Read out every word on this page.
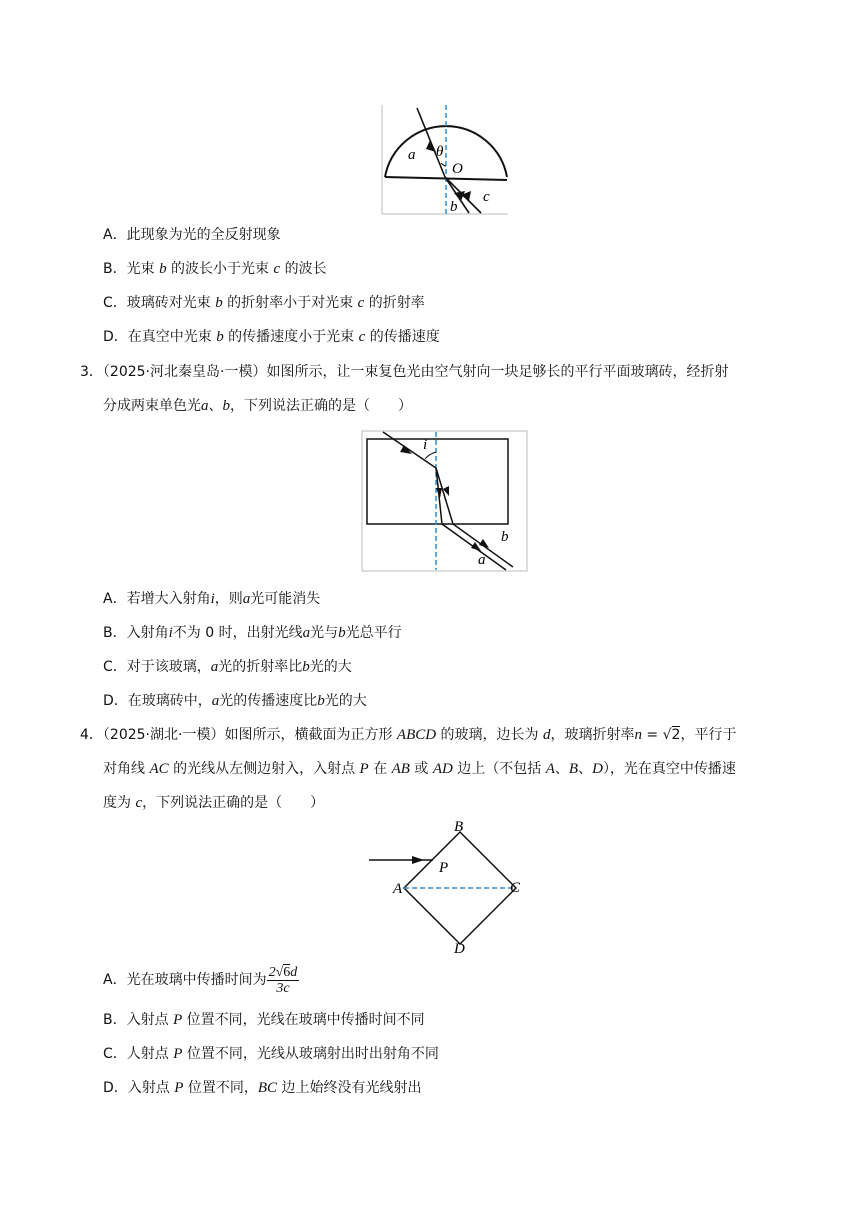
a θ
O
b
c
A．此现象为光的全反射现象
B．光束 b 的波长小于光束 c 的波长
C．玻璃砖对光束 b 的折射率小于对光束 c 的折射率
D．在真空中光束 b 的传播速度小于光束 c 的传播速度
3．（2025·河北秦皇岛·一模）如图所示，让一束复色光由空气射向一块足够长的平行平面玻璃砖，经折射
分成两束单色光a、b，下列说法正确的是（　　）
i
b
a
A．若增大入射角i，则a光可能消失
B．入射角i不为 0 时，出射光线a光与b光总平行
C．对于该玻璃，a光的折射率比b光的大
D．在玻璃砖中，a光的传播速度比b光的大
4．（2025·湖北·一模）如图所示，横截面为正方形 ABCD 的玻璃，边长为 d，玻璃折射率n = √2，平行于
对角线 AC 的光线从左侧边射入，入射点 P 在 AB 或 AD 边上（不包括 A、B、D），光在真空中传播速
度为 c，下列说法正确的是（　　）
B
A	C
D
P
A．光在玻璃中传播时间为 $\frac{2√6d}{3c}$
B．入射点 P 位置不同，光线在玻璃中传播时间不同
C．人射点 P 位置不同，光线从玻璃射出时出射角不同
D．入射点 P 位置不同，BC 边上始终没有光线射出
